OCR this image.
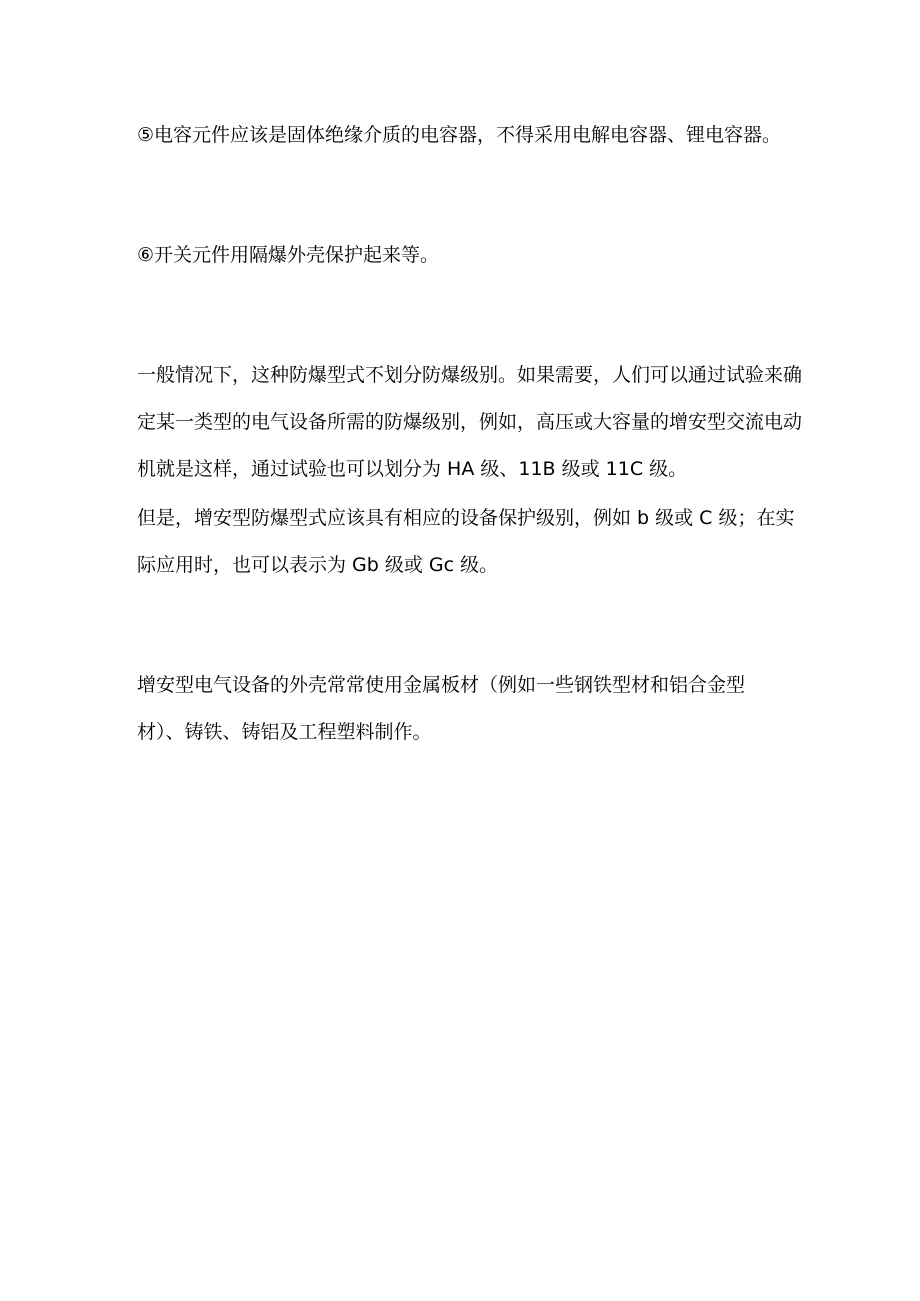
⑤电容元件应该是固体绝缘介质的电容器，不得采用电解电容器、锂电容器。
⑥开关元件用隔爆外壳保护起来等。
一般情况下，这种防爆型式不划分防爆级别。如果需要，人们可以通过试验来确
定某一类型的电气设备所需的防爆级别，例如，高压或大容量的增安型交流电动
机就是这样，通过试验也可以划分为 HA 级、11B 级或 11C 级。
但是，增安型防爆型式应该具有相应的设备保护级别，例如 b 级或 C 级；在实
际应用时，也可以表示为 Gb 级或 Gc 级。
增安型电气设备的外壳常常使用金属板材（例如一些钢铁型材和铝合金型
材）、铸铁、铸铝及工程塑料制作。
